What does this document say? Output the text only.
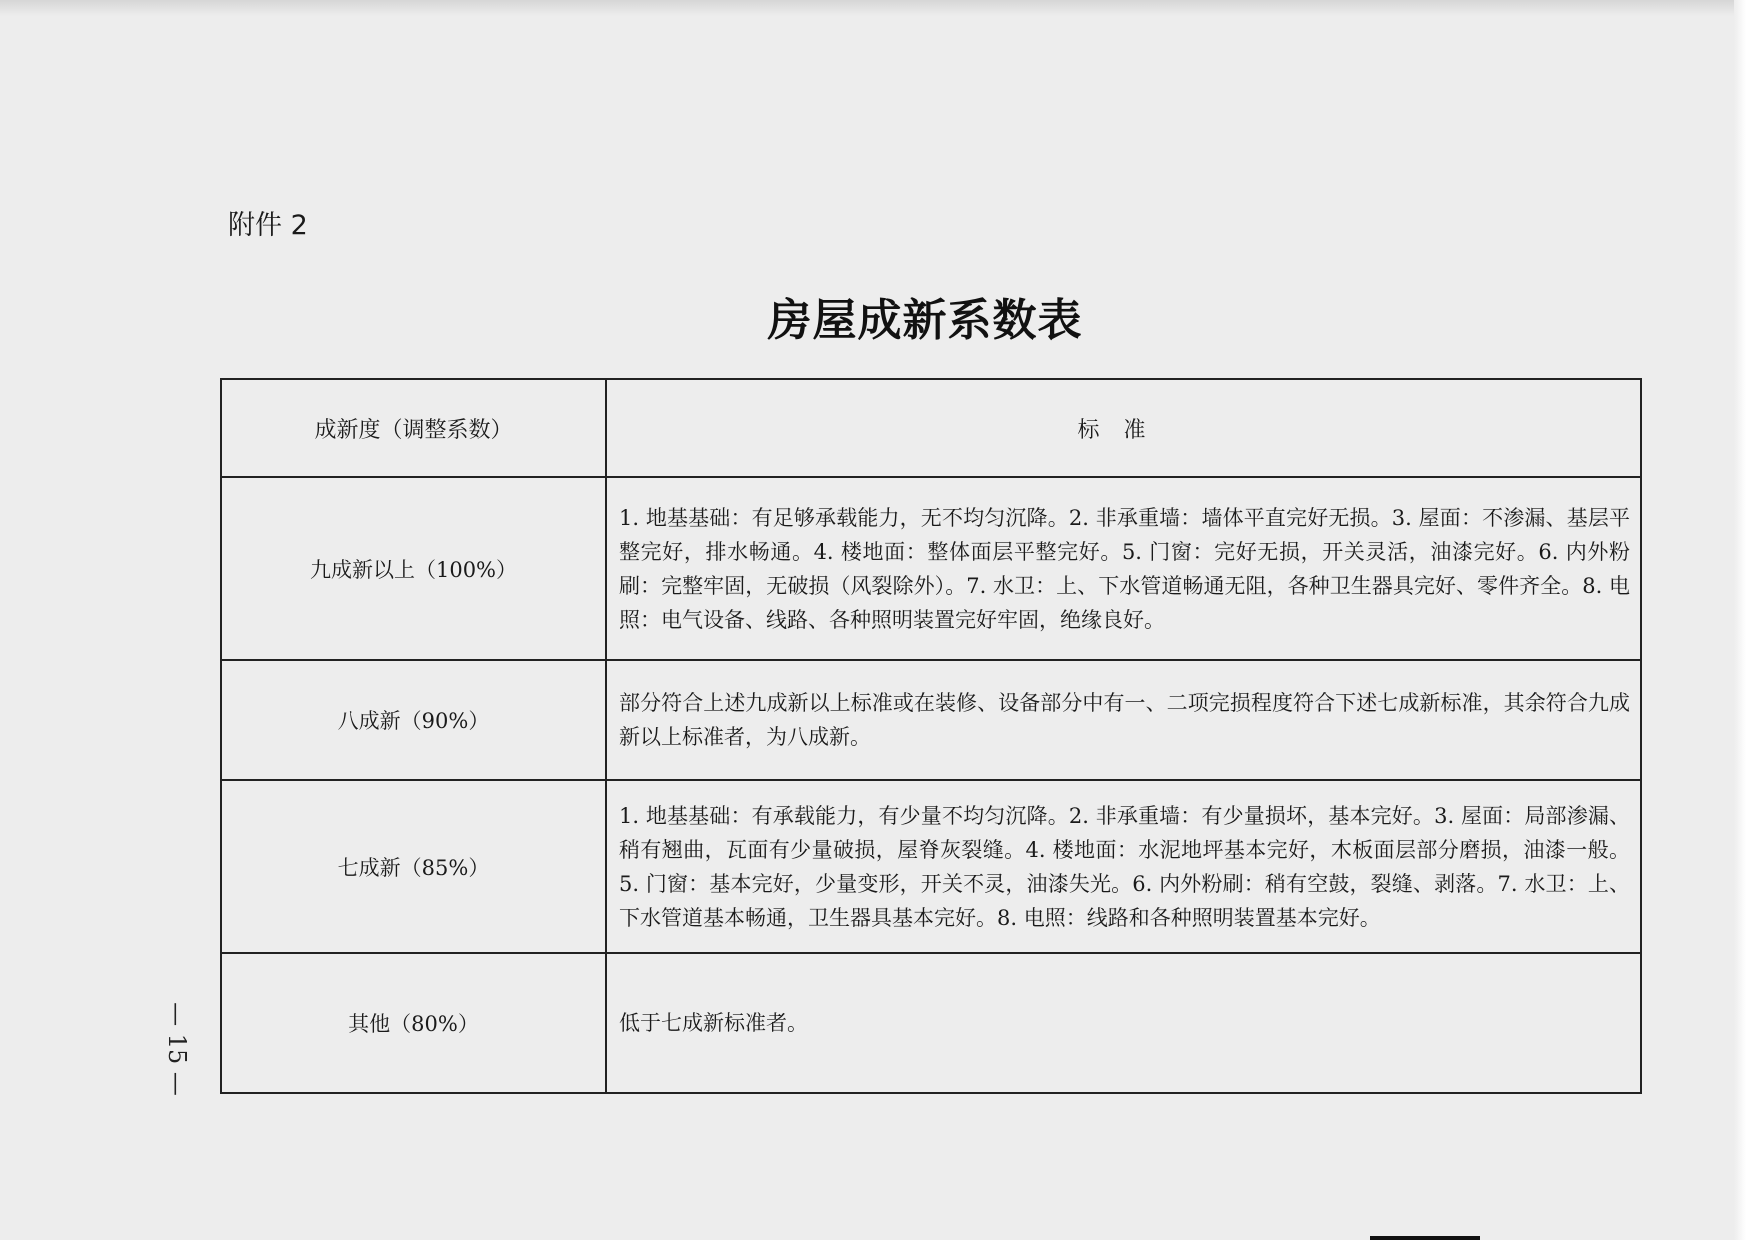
附件 2
房屋成新系数表
成新度（调整系数）	标准
九成新以上（100%）	1. 地基基础：有足够承载能力，无不均匀沉降。2. 非承重墙：墙体平直完好无损。3. 屋面：不渗漏、基层平整完好，排水畅通。4. 楼地面：整体面层平整完好。5. 门窗：完好无损，开关灵活，油漆完好。6. 内外粉刷：完整牢固，无破损（风裂除外）。7. 水卫：上、下水管道畅通无阻，各种卫生器具完好、零件齐全。8. 电照：电气设备、线路、各种照明装置完好牢固，绝缘良好。
八成新（90%）	部分符合上述九成新以上标准或在装修、设备部分中有一、二项完损程度符合下述七成新标准，其余符合九成新以上标准者，为八成新。
七成新（85%）	1. 地基基础：有承载能力，有少量不均匀沉降。2. 非承重墙：有少量损坏，基本完好。3. 屋面：局部渗漏、稍有翘曲，瓦面有少量破损，屋脊灰裂缝。4. 楼地面：水泥地坪基本完好，木板面层部分磨损，油漆一般。5. 门窗：基本完好，少量变形，开关不灵，油漆失光。6. 内外粉刷：稍有空鼓，裂缝、剥落。7. 水卫：上、下水管道基本畅通，卫生器具基本完好。8. 电照：线路和各种照明装置基本完好。
其他（80%）	低于七成新标准者。
— 15 —
